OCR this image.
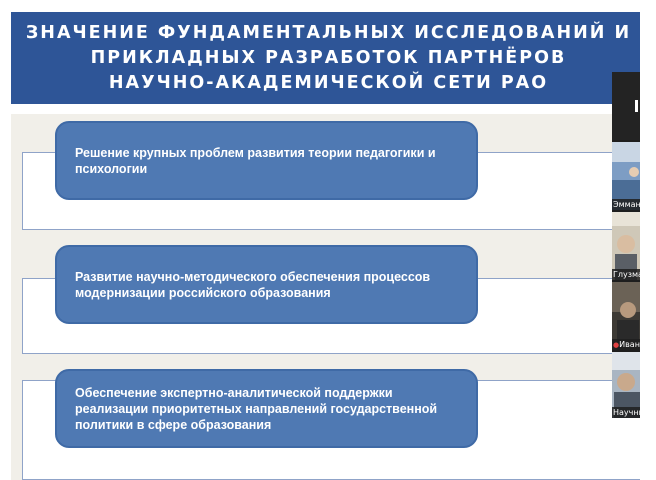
ЗНАЧЕНИЕ ФУНДАМЕНТАЛЬНЫХ ИССЛЕДОВАНИЙ И
ПРИКЛАДНЫХ РАЗРАБОТОК ПАРТНЁРОВ
НАУЧНО-АКАДЕМИЧЕСКОЙ СЕТИ РАО
Решение крупных проблем развития теории педагогики и психологии
Развитие научно-методического обеспечения процессов модернизации российского образования
Обеспечение экспертно-аналитической поддержки реализации приоритетных направлений государственной политики в сфере образования
Эммануил
Глузман
●Иван
Научный
